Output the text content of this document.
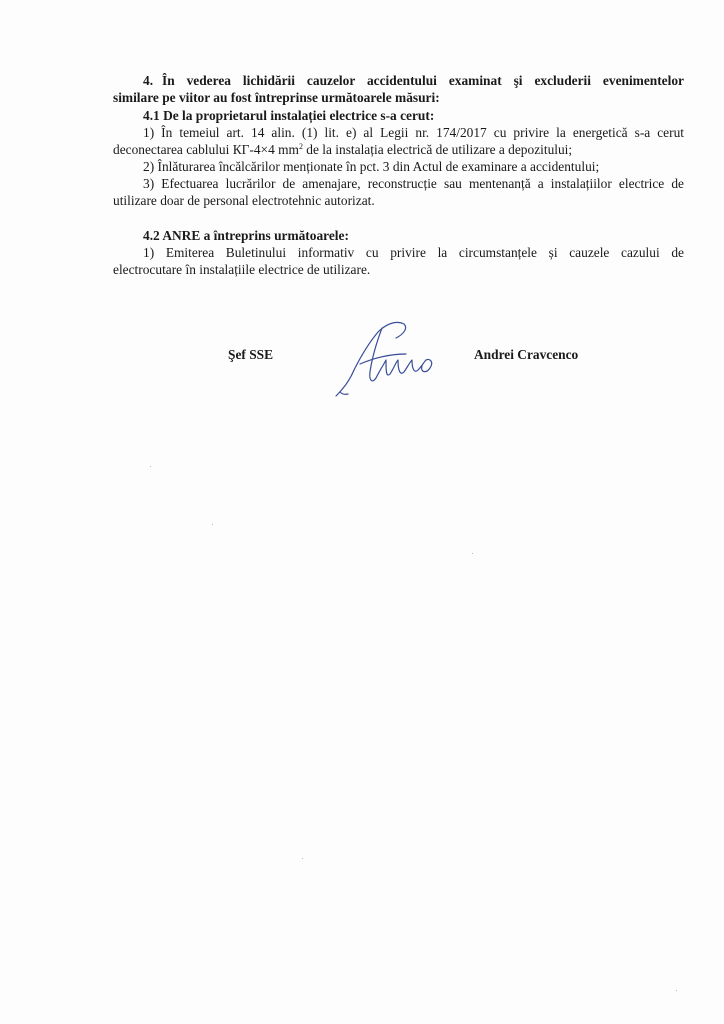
4. În vederea lichidării cauzelor accidentului examinat şi excluderii evenimentelor
similare pe viitor au fost întreprinse următoarele măsuri:
4.1 De la proprietarul instalației electrice s-a cerut:
1) În temeiul art. 14 alin. (1) lit. e) al Legii nr. 174/2017 cu privire la energetică s-a cerut
deconectarea cablului КГ-4×4 $mm^2$ de la instalația electrică de utilizare a depozitului;
2) Înlăturarea încălcărilor menționate în pct. 3 din Actul de examinare a accidentului;
3) Efectuarea lucrărilor de amenajare, reconstrucție sau mentenanță a instalațiilor electrice de
utilizare doar de personal electrotehnic autorizat.
4.2 ANRE a întreprins următoarele:
1) Emiterea Buletinului informativ cu privire la circumstanțele și cauzele cazului de
electrocutare în instalațiile electrice de utilizare.
Şef SSE	Andrei Cravcenco
